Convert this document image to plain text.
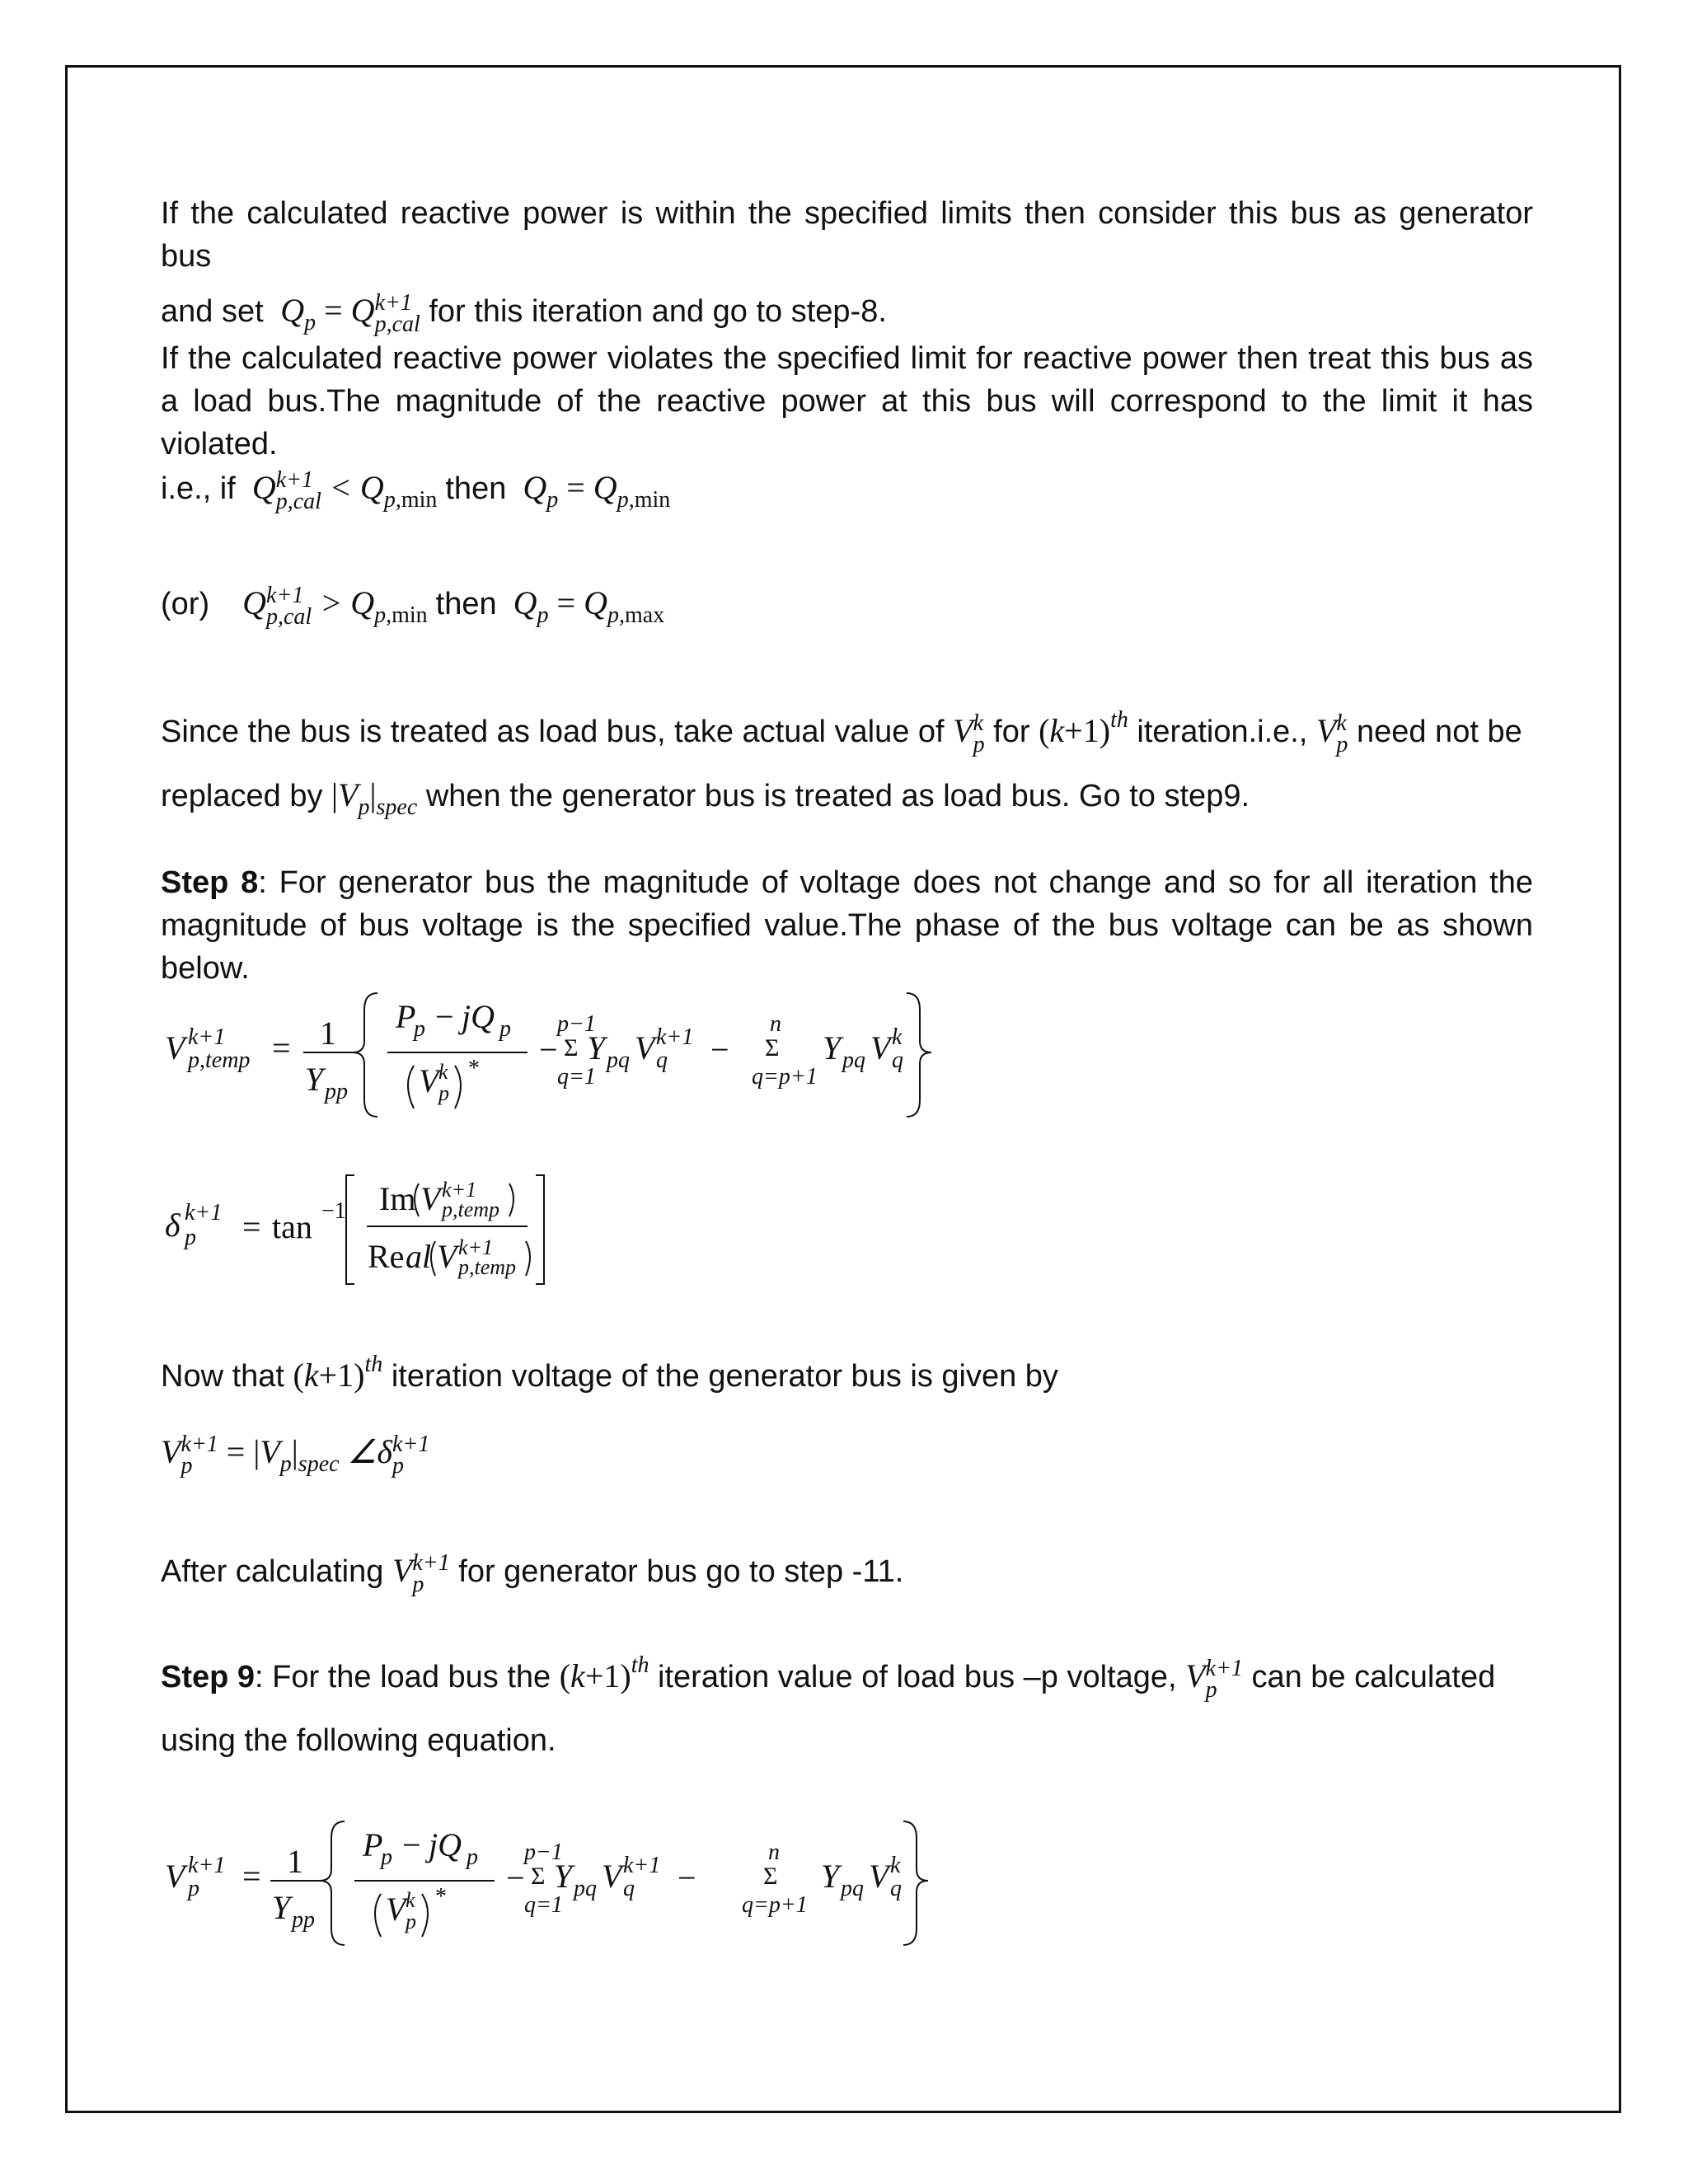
If the calculated reactive power is within the specified limits then consider this bus as generator bus
and set  $Q_p = Q$ k+1
p,cal for this iteration and go to step-8.
If the calculated reactive power violates the specified limit for reactive power then treat this bus as a load bus.The magnitude of the reactive power at this bus will correspond to the limit it has violated.
i.e., if  Q k+1
$p,cal < Q_{p,min}$ then  $Q_p = Q_{p,min}$
(or)    Q k+1
$p,cal > Q_{p,min}$ then  $Q_p = Q_{p,max}$
Since the bus is treated as load bus, take actual value of V k
p for $(k+1)^{th}$ iteration.i.e., V k
p need not be
replaced by $|V_p|_{spec}$ when the generator bus is treated as load bus. Go to step9.
Step 8: For generator bus the magnitude of voltage does not change and so for all iteration the magnitude of bus voltage is the specified value.The phase of the bus voltage can be as shown below.
V k+1
p,temp = 1
Y pp
P
p − jQ p
V k
p
*
−
p−1
Σ
q=1
Y pq V k+1
q −
n
Σ
q=p+1
Y pq V k
q
δ k+1
p = tan −1 Im V k+1
p,temp
Re al V k+1
p,temp
Now that $(k+1)^{th}$ iteration voltage of the generator bus is given by
V k+1
p	= $|V_p|_{spec}$ ∠δ k+1
p
After calculating V k+1
p	for generator bus go to step -11.
Step 9: For the load bus the $(k+1)^{th}$ iteration value of load bus –p voltage, V k+1
p	can be calculated
using the following equation.
V k+1
p = 1
Y pp
P
p − jQ p
V k
p
*
−
p−1
Σ
q=1
Y pq V k+1
q −
n
Σ
q=p+1
Y pq V k
q
